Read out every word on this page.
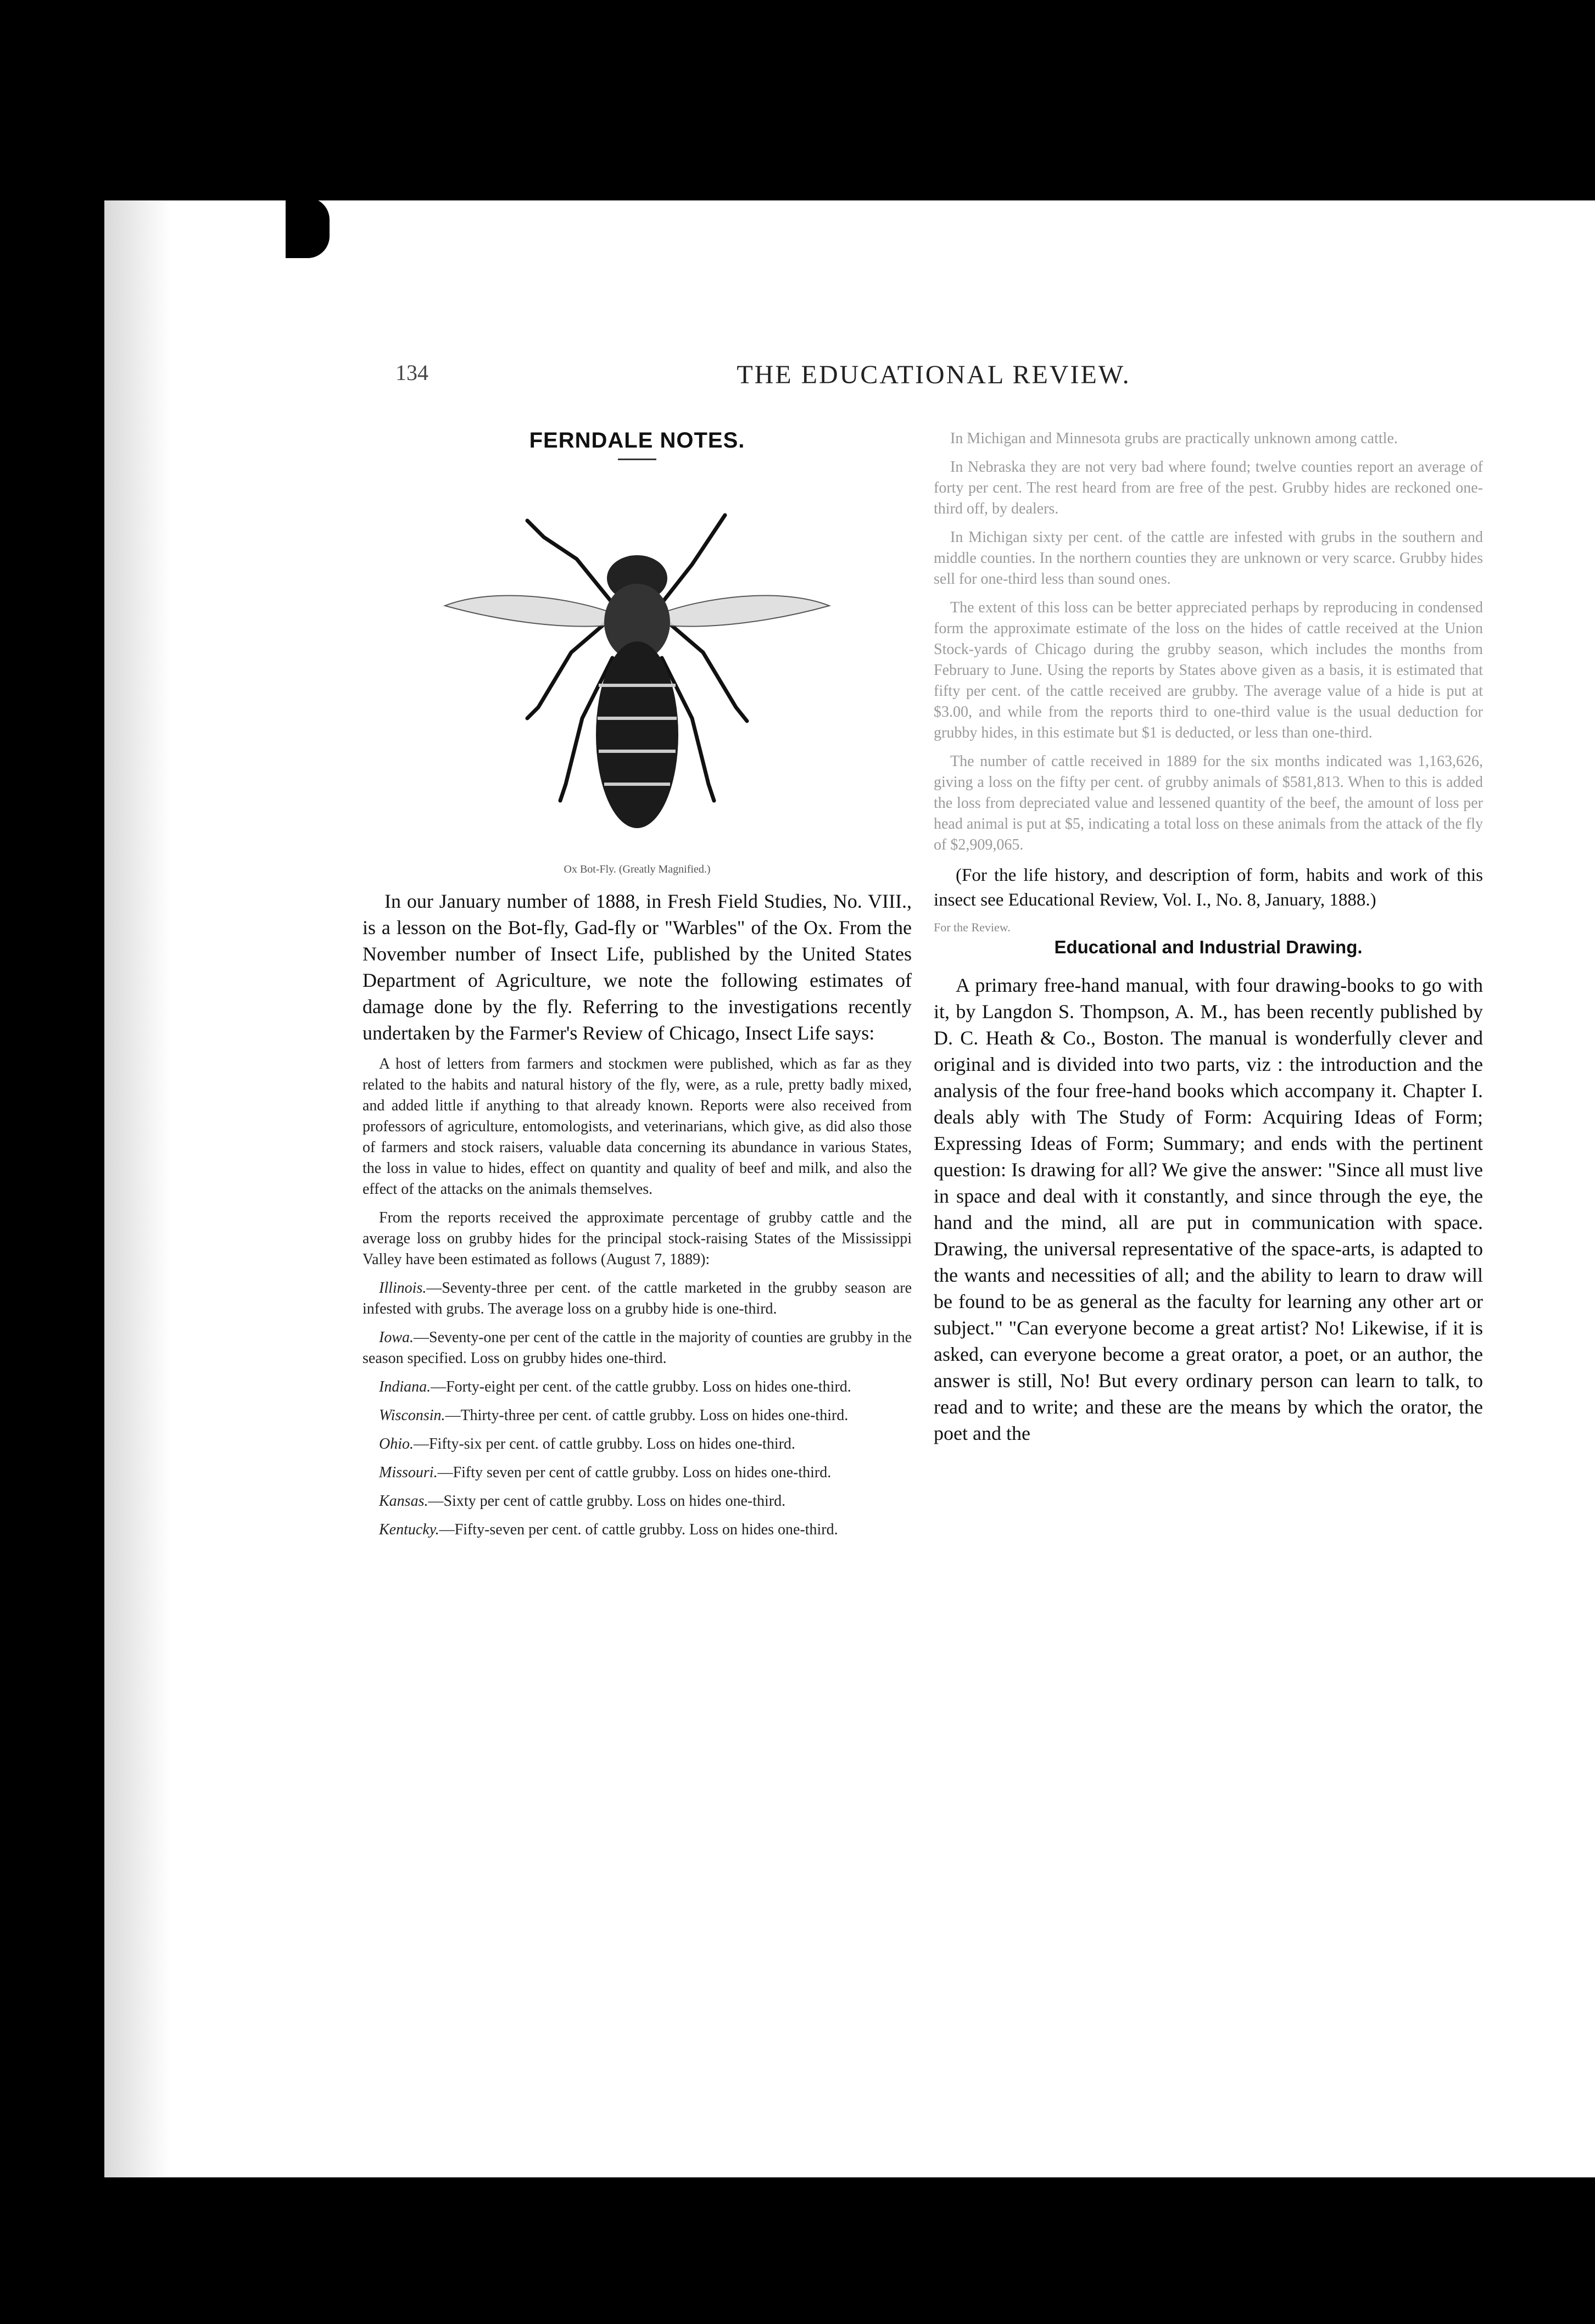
134	THE EDUCATIONAL REVIEW.
FERNDALE NOTES.
Ox Bot-Fly. (Greatly Magnified.)

In our January number of 1888, in Fresh Field Studies, No. VIII., is a lesson on the Bot-fly, Gad-fly or "Warbles" of the Ox. From the November number of Insect Life, published by the United States Department of Agriculture, we note the following estimates of damage done by the fly. Referring to the investigations recently undertaken by the Farmer's Review of Chicago, Insect Life says:

A host of letters from farmers and stockmen were published, which as far as they related to the habits and natural history of the fly, were, as a rule, pretty badly mixed, and added little if anything to that already known. Reports were also received from professors of agriculture, entomologists, and veterinarians, which give, as did also those of farmers and stock raisers, valuable data concerning its abundance in various States, the loss in value to hides, effect on quantity and quality of beef and milk, and also the effect of the attacks on the animals themselves.

From the reports received the approximate percentage of grubby cattle and the average loss on grubby hides for the principal stock-raising States of the Mississippi Valley have been estimated as follows (August 7, 1889):

Illinois.—Seventy-three per cent. of the cattle marketed in the grubby season are infested with grubs. The average loss on a grubby hide is one-third.

Iowa.—Seventy-one per cent of the cattle in the majority of counties are grubby in the season specified. Loss on grubby hides one-third.

Indiana.—Forty-eight per cent. of the cattle grubby. Loss on hides one-third.

Wisconsin.—Thirty-three per cent. of cattle grubby. Loss on hides one-third.

Ohio.—Fifty-six per cent. of cattle grubby. Loss on hides one-third.

Missouri.—Fifty seven per cent of cattle grubby. Loss on hides one-third.

Kansas.—Sixty per cent of cattle grubby. Loss on hides one-third.

Kentucky.—Fifty-seven per cent. of cattle grubby. Loss on hides one-third.

In Michigan and Minnesota grubs are practically unknown among cattle.

In Nebraska they are not very bad where found; twelve counties report an average of forty per cent. The rest heard from are free of the pest. Grubby hides are reckoned one-third off, by dealers.

In Michigan sixty per cent. of the cattle are infested with grubs in the southern and middle counties. In the northern counties they are unknown or very scarce. Grubby hides sell for one-third less than sound ones.

The extent of this loss can be better appreciated perhaps by reproducing in condensed form the approximate estimate of the loss on the hides of cattle received at the Union Stock-yards of Chicago during the grubby season, which includes the months from February to June. Using the reports by States above given as a basis, it is estimated that fifty per cent. of the cattle received are grubby. The average value of a hide is put at $3.00, and while from the reports third to one-third value is the usual deduction for grubby hides, in this estimate but $1 is deducted, or less than one-third.

The number of cattle received in 1889 for the six months indicated was 1,163,626, giving a loss on the fifty per cent. of grubby animals of $581,813. When to this is added the loss from depreciated value and lessened quantity of the beef, the amount of loss per head animal is put at $5, indicating a total loss on these animals from the attack of the fly of $2,909,065.

(For the life history, and description of form, habits and work of this insect see Educational Review, Vol. I., No. 8, January, 1888.)

For the Review.
Educational and Industrial Drawing.

A primary free-hand manual, with four drawing-books to go with it, by Langdon S. Thompson, A. M., has been recently published by D. C. Heath & Co., Boston. The manual is wonderfully clever and original and is divided into two parts, viz : the introduction and the analysis of the four free-hand books which accompany it. Chapter I. deals ably with The Study of Form: Acquiring Ideas of Form; Expressing Ideas of Form; Summary; and ends with the pertinent question: Is drawing for all? We give the answer: "Since all must live in space and deal with it constantly, and since through the eye, the hand and the mind, all are put in communication with space. Drawing, the universal representative of the space-arts, is adapted to the wants and necessities of all; and the ability to learn to draw will be found to be as general as the faculty for learning any other art or subject." "Can everyone become a great artist? No! Likewise, if it is asked, can everyone become a great orator, a poet, or an author, the answer is still, No! But every ordinary person can learn to talk, to read and to write; and these are the means by which the orator, the poet and the
